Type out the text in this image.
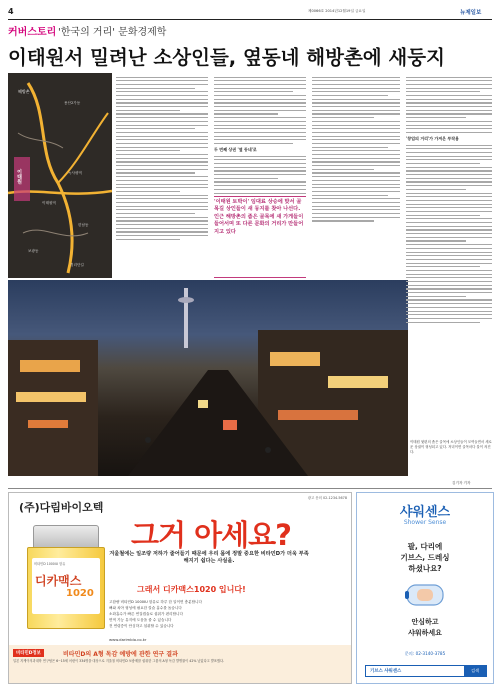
4	제0066호 2014년12월19일 금요일	뉴제일보
커버스토리 '한국의 거리' 문화경제학
이태원서 밀려난 소상인들, 옆동네 해방촌에 새둥지
해방촌
이태원
용산2가동
녹사평역
이태원역
한남동
보광동
경리단길
이태원 뒷편의 좁은 골목에 소상인들이 모여들면서 새로운 상권이 형성되고 있다. 저녁이면 골목마다 불이 켜진다.
두 번째 상권 '옆 동네'로
'이태원 토박이' 임대료 상승에 맞서 골목길 상인들이 새 둥지를 찾아 나선다. 인근 해방촌의 좁은 골목에 새 가게들이 들어서며 또 다른 문화의 거리가 만들어지고 있다
'창업의 거리'가 가져온 부작용
김기자 기자
광고 문의 02-1234-5678
(주)다림바이오텍
그거 아세요?
겨울철에는 일조량 저하가 줄어들기 때문에 우리 몸에 정말 중요한 비타민D가 더욱 부족해지기 쉽다는 사실을.
비타민D 1000IU 함유
디카맥스
1020	그래서 디카맥스1020 입니다!
고함량 비타민D 1000IU 함유로 하루 한 알이면 충분합니다
뼈와 치아 형성에 필요한 칼슘 흡수를 돕습니다
소화흡수가 빠른 연질캡슐로 섭취가 편리합니다
면역 기능 유지에 도움을 줄 수 있습니다
전 연령층이 안심하고 섭취할 수 있습니다
www.darimbio.co.kr
비타민D정보	비타민D의 A형 독감 예방에 관한 연구 결과
일본 지케이의과대학 연구팀은 6~15세 어린이 334명을 대상으로 겨울철 비타민D 보충제를 섭취한 그룹의 A형 독감 발병률이 42% 낮았다고 발표했다.
샤워센스
Shower Sense
팔, 다리에
기브스, 드레싱
하셨나요?
안심하고
샤워하세요
문의: 02-3140-3785
기브스 샤워센스	검색
